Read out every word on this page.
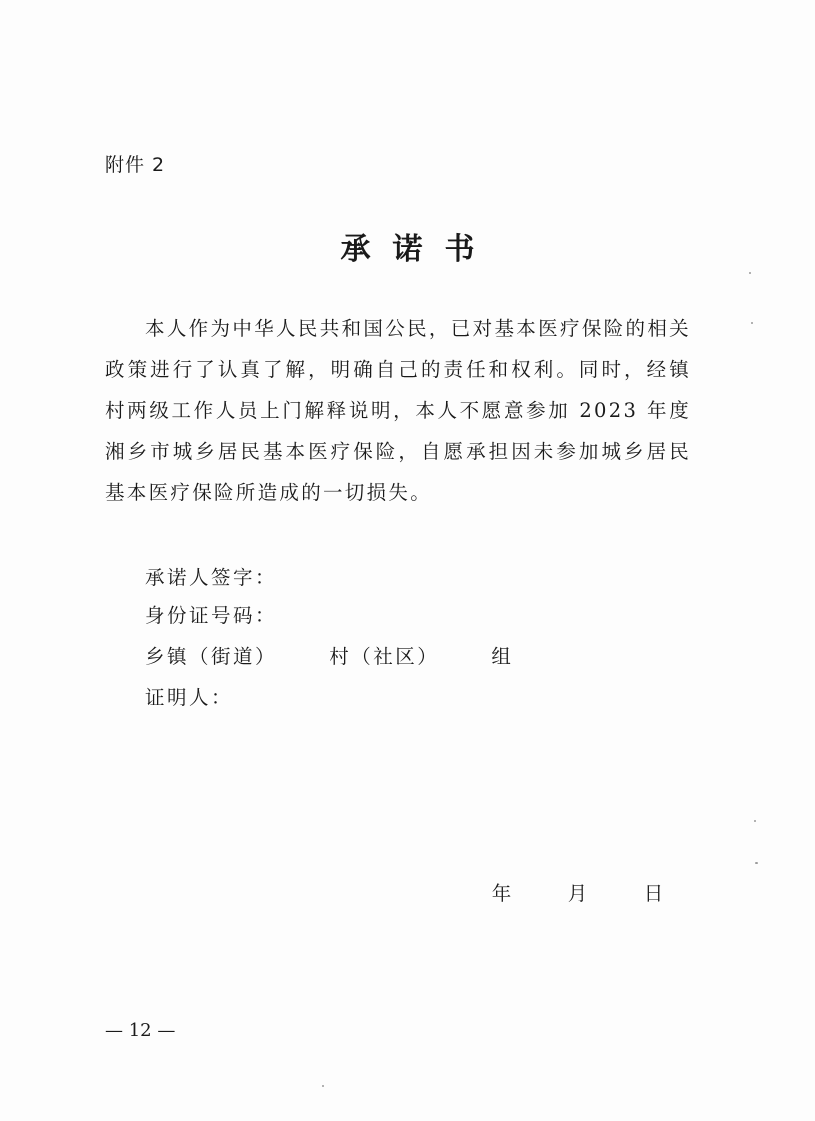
附件 2
承诺书
本人作为中华人民共和国公民，已对基本医疗保险的相关政策进行了认真了解，明确自己的责任和权利。同时，经镇村两级工作人员上门解释说明，本人不愿意参加 2023 年度湘乡市城乡居民基本医疗保险，自愿承担因未参加城乡居民基本医疗保险所造成的一切损失。
承诺人签字：
身份证号码：
乡镇（街道）      村（社区）      组
证明人：

年	月	日

— 12 —
